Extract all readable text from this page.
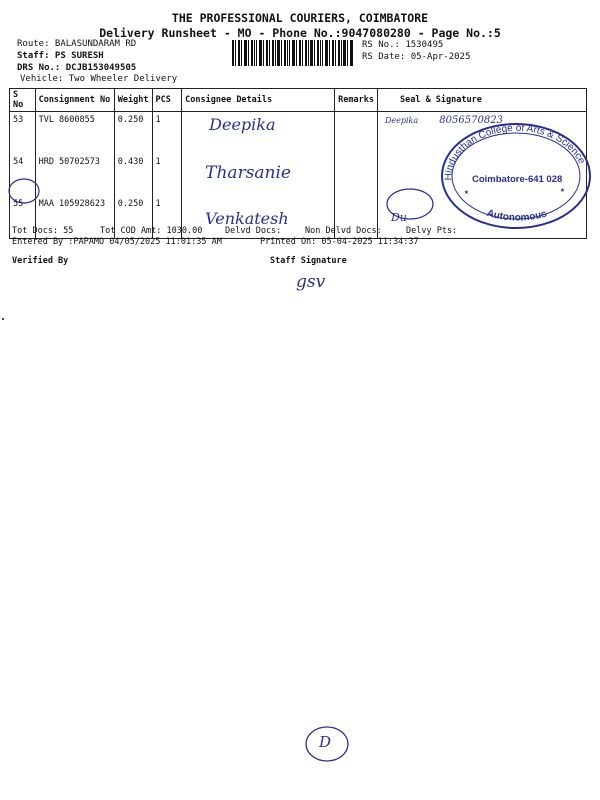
THE PROFESSIONAL COURIERS, COIMBATORE
Delivery Runsheet - MO - Phone No.:9047080280 - Page No.:5
Route: BALASUNDARAM RD
Staff: PS SURESH
DRS No.: DCJB153049505
Vehicle: Two Wheeler Delivery
RS No.: 1530495
RS Date: 05-Apr-2025
S No	Consignment No	Weight	PCS	Consignee Details	Remarks	Seal & Signature
53	TVL 8600855	0.250	1	Deepika		Deepika 8056570823
54	HRD 50702573	0.430	1	Tharsanie		
55	MAA 105928623	0.250	1	Venkatesh		Du
Hindusthan College of Arts & Science
Coimbatore-641 028
Autonomous
★	★
Tot Docs: 55	Tot COD Amt: 1030.00	Delvd Docs:	Non Delvd Docs:	Delvy Pts:
Entered By :PAPAMO 04/05/2025 11:01:35 AM	Printed On: 05-04-2025 11:34:37
Verified By	Staff Signature
gsv
D
